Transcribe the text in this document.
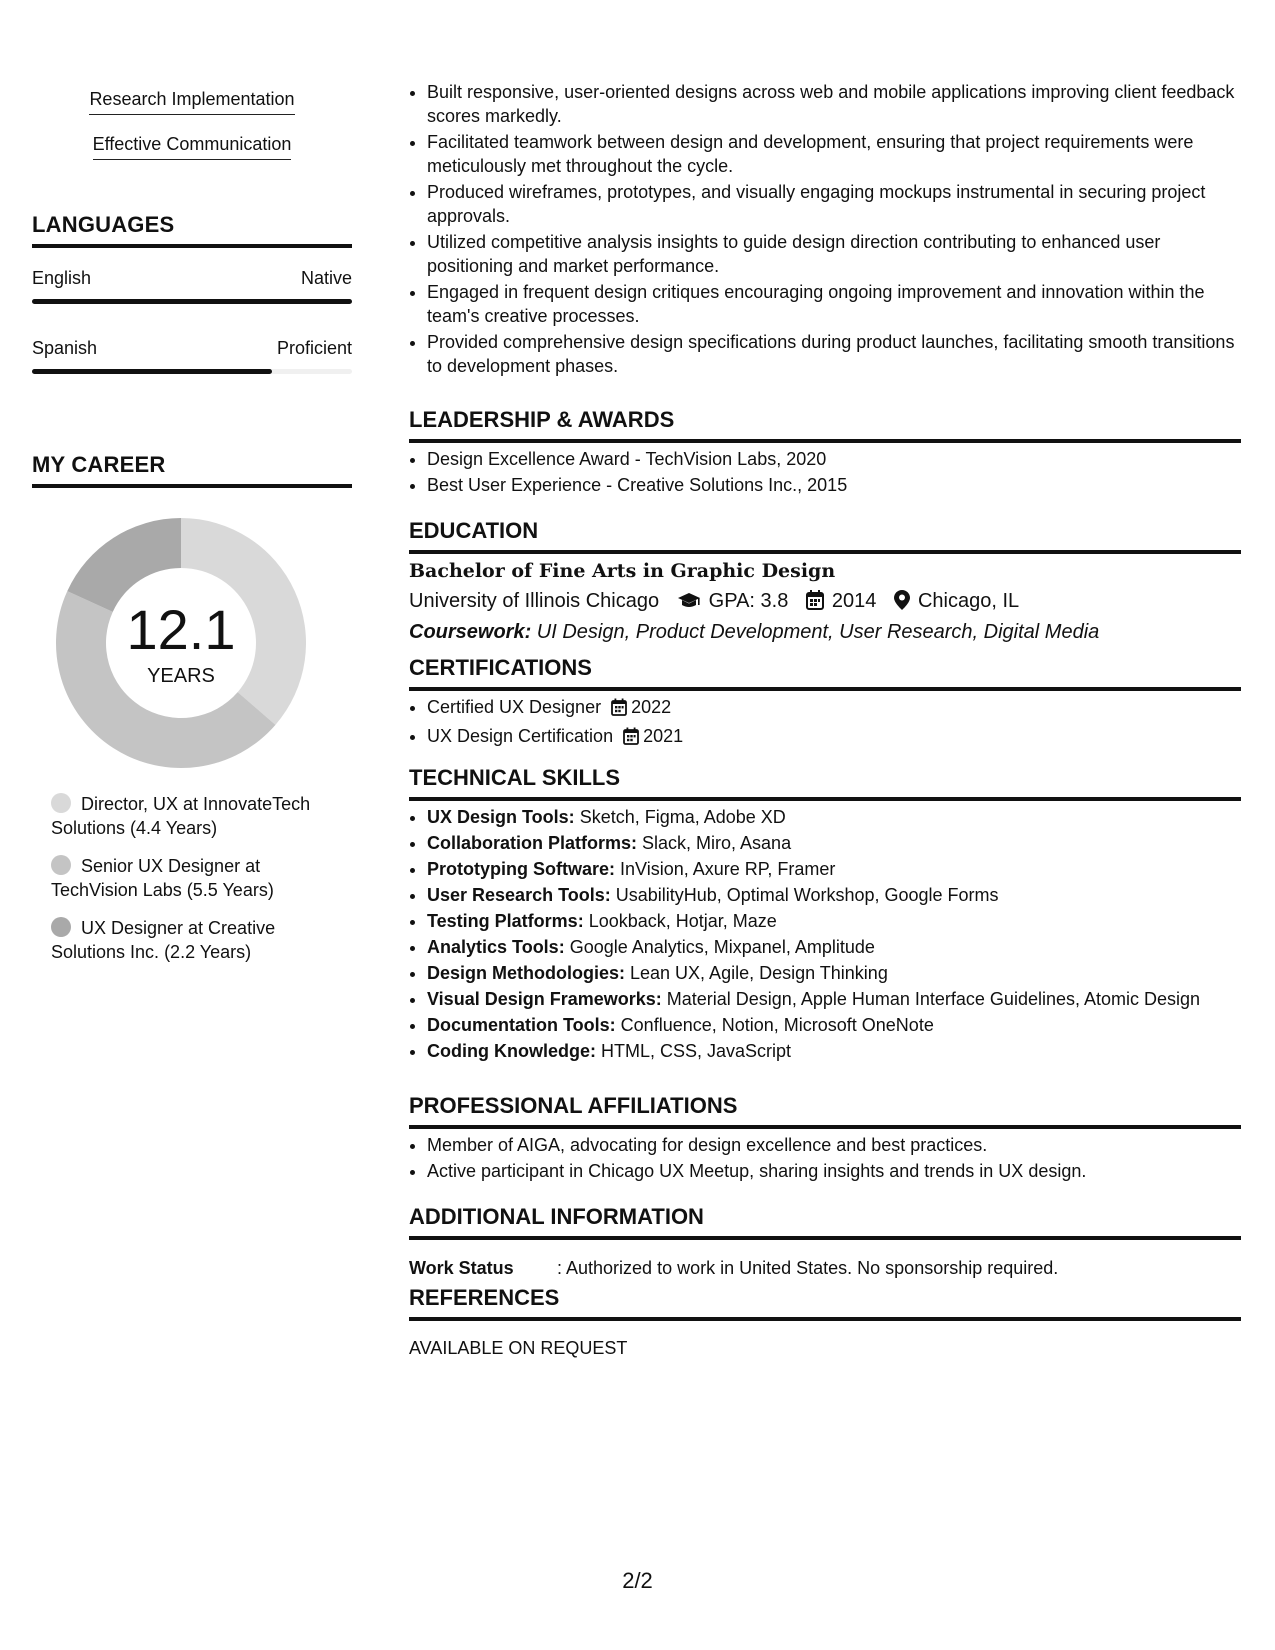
Research Implementation
Effective Communication
LANGUAGES
English	Native
Spanish	Proficient
MY CAREER
12.1
YEARS
Director, UX at InnovateTech Solutions (4.4 Years)
Senior UX Designer at TechVision Labs (5.5 Years)
UX Designer at Creative Solutions Inc. (2.2 Years)
• Built responsive, user-oriented designs across web and mobile applications improving client feedback scores markedly.
• Facilitated teamwork between design and development, ensuring that project requirements were meticulously met throughout the cycle.
• Produced wireframes, prototypes, and visually engaging mockups instrumental in securing project approvals.
• Utilized competitive analysis insights to guide design direction contributing to enhanced user positioning and market performance.
• Engaged in frequent design critiques encouraging ongoing improvement and innovation within the team's creative processes.
• Provided comprehensive design specifications during product launches, facilitating smooth transitions to development phases.
LEADERSHIP & AWARDS
• Design Excellence Award - TechVision Labs, 2020
• Best User Experience - Creative Solutions Inc., 2015
EDUCATION
Bachelor of Fine Arts in Graphic Design
University of Illinois Chicago GPA: 3.8 2014 Chicago, IL
Coursework: UI Design, Product Development, User Research, Digital Media
CERTIFICATIONS
• Certified UX Designer 2022
• UX Design Certification 2021
TECHNICAL SKILLS
• UX Design Tools: Sketch, Figma, Adobe XD
• Collaboration Platforms: Slack, Miro, Asana
• Prototyping Software: InVision, Axure RP, Framer
• User Research Tools: UsabilityHub, Optimal Workshop, Google Forms
• Testing Platforms: Lookback, Hotjar, Maze
• Analytics Tools: Google Analytics, Mixpanel, Amplitude
• Design Methodologies: Lean UX, Agile, Design Thinking
• Visual Design Frameworks: Material Design, Apple Human Interface Guidelines, Atomic Design
• Documentation Tools: Confluence, Notion, Microsoft OneNote
• Coding Knowledge: HTML, CSS, JavaScript
PROFESSIONAL AFFILIATIONS
• Member of AIGA, advocating for design excellence and best practices.
• Active participant in Chicago UX Meetup, sharing insights and trends in UX design.
ADDITIONAL INFORMATION
Work Status : Authorized to work in United States. No sponsorship required.
REFERENCES
AVAILABLE ON REQUEST
2/2
